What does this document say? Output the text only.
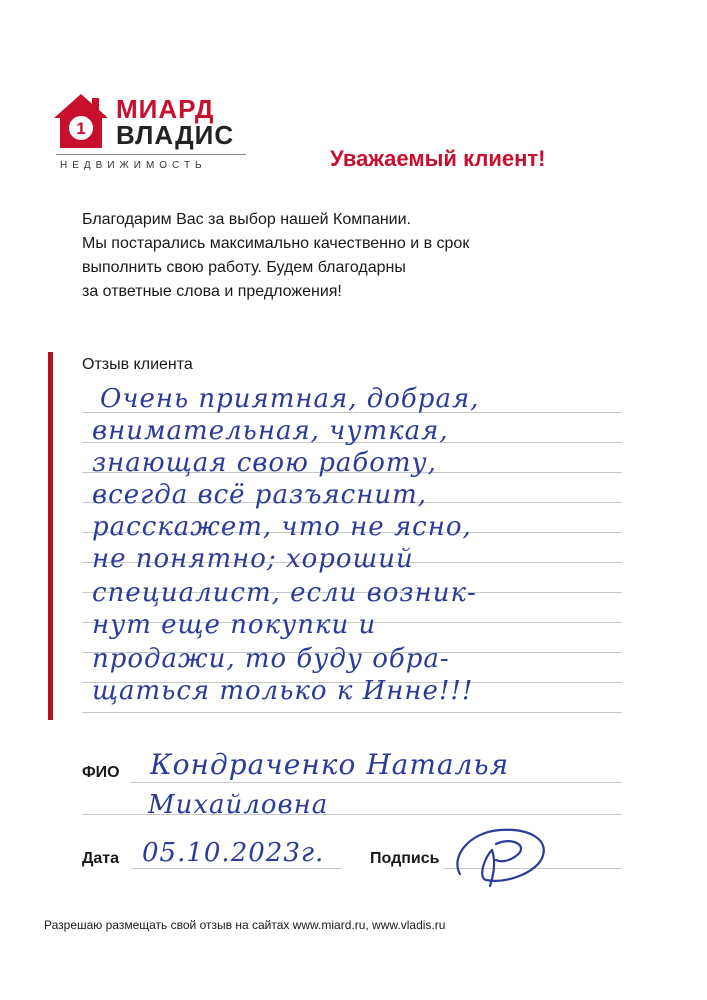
1
МИАРД
ВЛАДИС
НЕДВИЖИМОСТЬ	Уважаемый клиент!
Благодарим Вас за выбор нашей Компании.
Мы постарались максимально качественно и в срок
выполнить свою работу. Будем благодарны
за ответные слова и предложения!
Отзыв клиента
Очень приятная, добрая,
внимательная, чуткая,
знающая свою работу,
всегда всё разъяснит,
расскажет, что не ясно,
не понятно; хороший
специалист, если возник-
нут еще покупки и
продажи, то буду обра-
щаться только к Инне!!!
ФИО Кондраченко Наталья
Михайловна
Дата 05.10.2023г.	Подпись
Разрешаю размещать свой отзыв на сайтах www.miard.ru, www.vladis.ru
